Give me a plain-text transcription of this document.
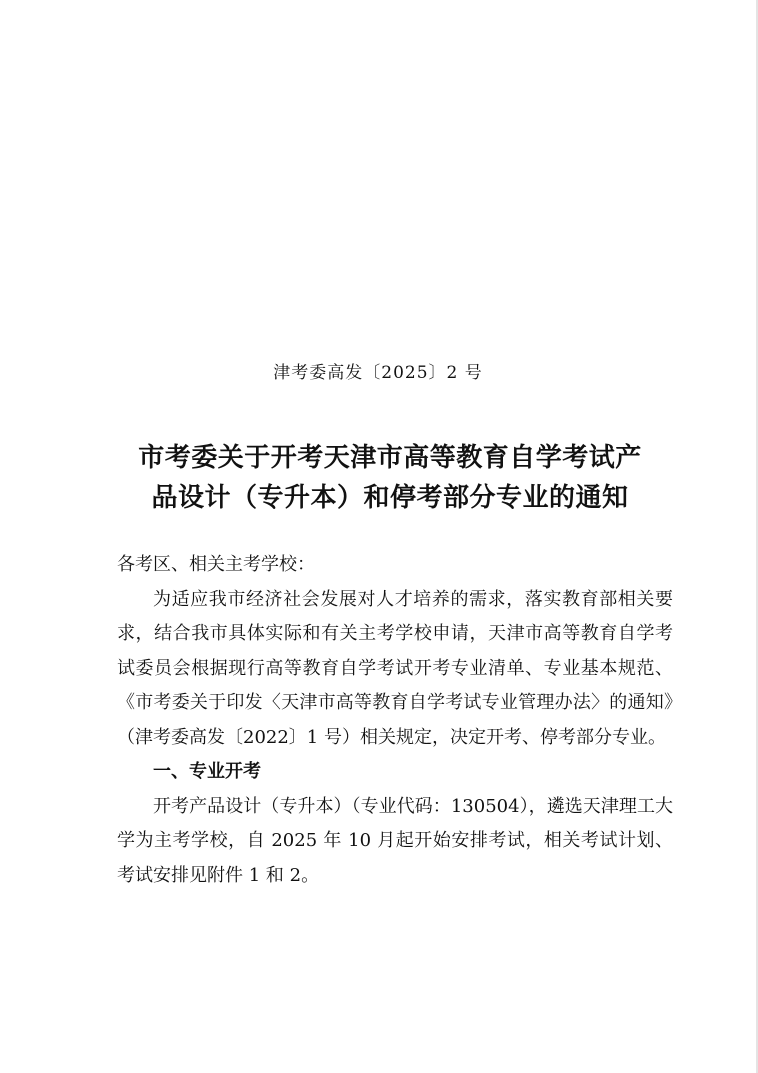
津考委高发〔2025〕2 号
市考委关于开考天津市高等教育自学考试产
品设计（专升本）和停考部分专业的通知

各考区、相关主考学校：

为适应我市经济社会发展对人才培养的需求，落实教育部相关要求，结合我市具体实际和有关主考学校申请，天津市高等教育自学考试委员会根据现行高等教育自学考试开考专业清单、专业基本规范、《市考委关于印发〈天津市高等教育自学考试专业管理办法〉的通知》（津考委高发〔2022〕1 号）相关规定，决定开考、停考部分专业。

一、专业开考

开考产品设计（专升本）（专业代码：130504），遴选天津理工大学为主考学校，自 2025 年 10 月起开始安排考试，相关考试计划、考试安排见附件 1 和 2。
